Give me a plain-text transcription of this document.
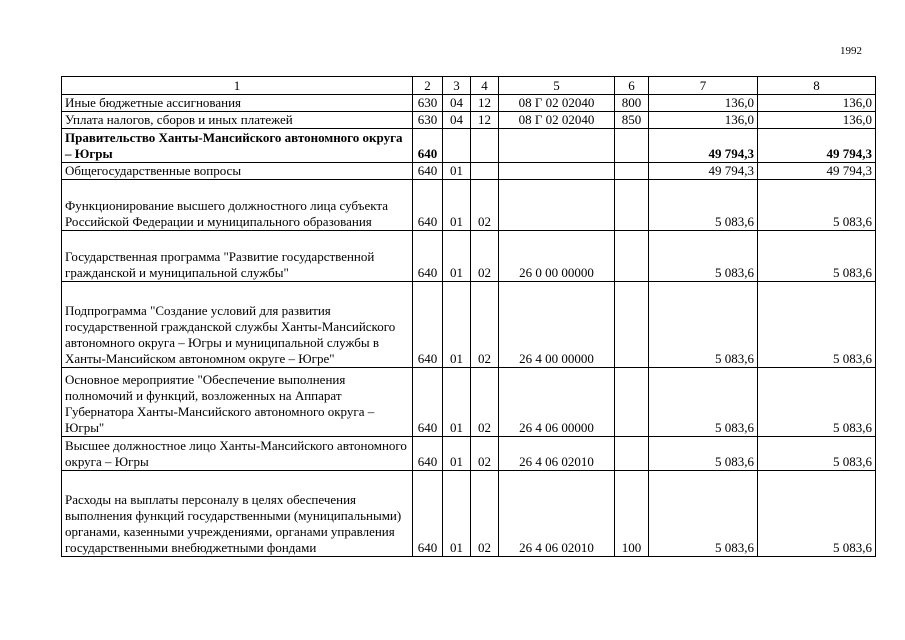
1992
1	2	3	4	5	6	7	8
Иные бюджетные ассигнования	630	04	12	08 Г 02 02040	800	136,0	136,0
Уплата налогов, сборов и иных платежей	630	04	12	08 Г 02 02040	850	136,0	136,0
Правительство Ханты-Мансийского автономного округа – Югры	640					49 794,3	49 794,3
Общегосударственные вопросы	640	01				49 794,3	49 794,3
Функционирование высшего должностного лица субъекта Российской Федерации и муниципального образования	640	01	02			5 083,6	5 083,6
Государственная программа "Развитие государственной гражданской и муниципальной службы"	640	01	02	26 0 00 00000		5 083,6	5 083,6
Подпрограмма "Создание условий для развития государственной гражданской службы Ханты-Мансийского автономного округа – Югры и муниципальной службы в Ханты-Мансийском автономном округе – Югре"	640	01	02	26 4 00 00000		5 083,6	5 083,6
Основное мероприятие "Обеспечение выполнения полномочий и функций, возложенных на Аппарат Губернатора Ханты-Мансийского автономного округа – Югры"	640	01	02	26 4 06 00000		5 083,6	5 083,6
Высшее должностное лицо Ханты-Мансийского автономного округа – Югры	640	01	02	26 4 06 02010		5 083,6	5 083,6
Расходы на выплаты персоналу в целях обеспечения выполнения функций государственными (муниципальными) органами, казенными учреждениями, органами управления государственными внебюджетными фондами	640	01	02	26 4 06 02010	100	5 083,6	5 083,6
